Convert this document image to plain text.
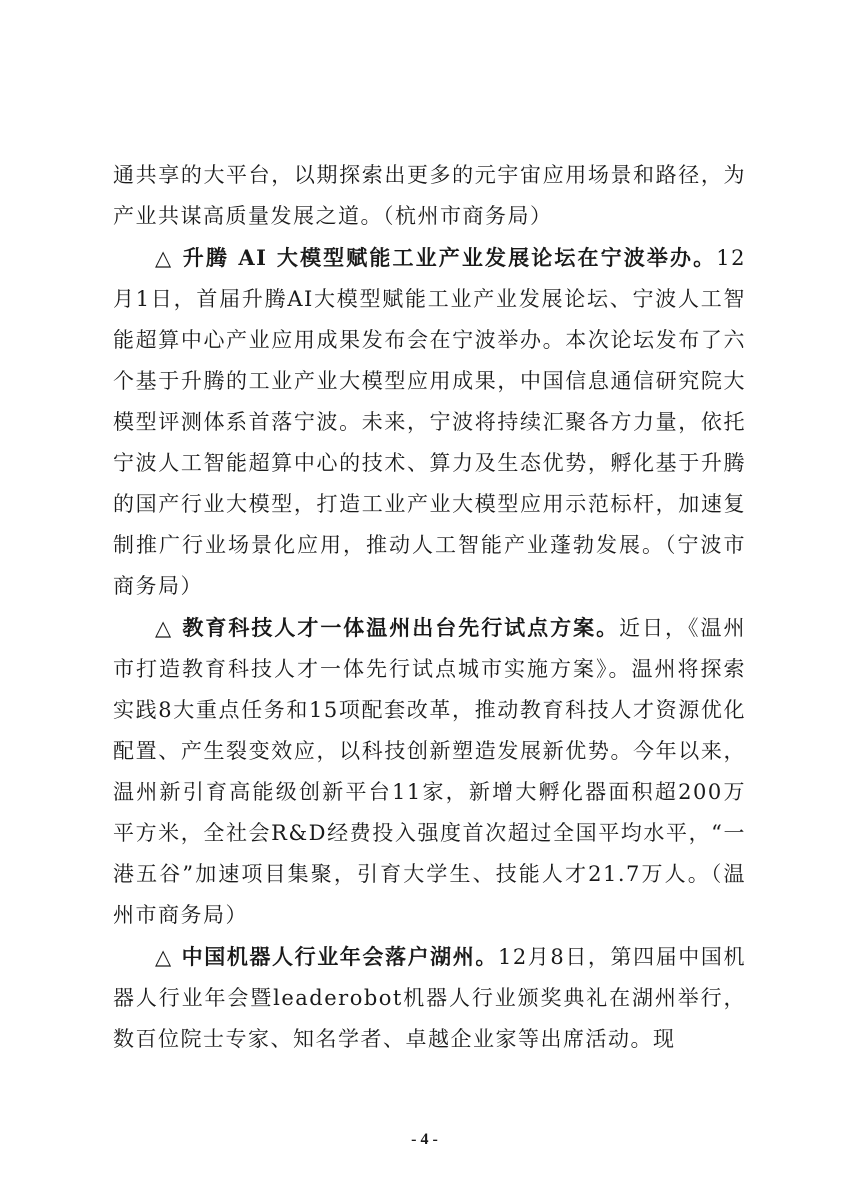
通共享的大平台，以期探索出更多的元宇宙应用场景和路径，为产业共谋高质量发展之道。（杭州市商务局）

△ 升腾 AI 大模型赋能工业产业发展论坛在宁波举办。12月1日，首届升腾AI大模型赋能工业产业发展论坛、宁波人工智能超算中心产业应用成果发布会在宁波举办。本次论坛发布了六个基于升腾的工业产业大模型应用成果，中国信息通信研究院大模型评测体系首落宁波。未来，宁波将持续汇聚各方力量，依托宁波人工智能超算中心的技术、算力及生态优势，孵化基于升腾的国产行业大模型，打造工业产业大模型应用示范标杆，加速复制推广行业场景化应用，推动人工智能产业蓬勃发展。（宁波市商务局）

△ 教育科技人才一体温州出台先行试点方案。近日，《温州市打造教育科技人才一体先行试点城市实施方案》。温州将探索实践8大重点任务和15项配套改革，推动教育科技人才资源优化配置、产生裂变效应，以科技创新塑造发展新优势。今年以来，温州新引育高能级创新平台11家，新增大孵化器面积超200万平方米，全社会R&D经费投入强度首次超过全国平均水平，“一港五谷”加速项目集聚，引育大学生、技能人才21.7万人。（温州市商务局）

△ 中国机器人行业年会落户湖州。12月8日，第四届中国机器人行业年会暨leaderobot机器人行业颁奖典礼在湖州举行，数百位院士专家、知名学者、卓越企业家等出席活动。现

- 4 -
